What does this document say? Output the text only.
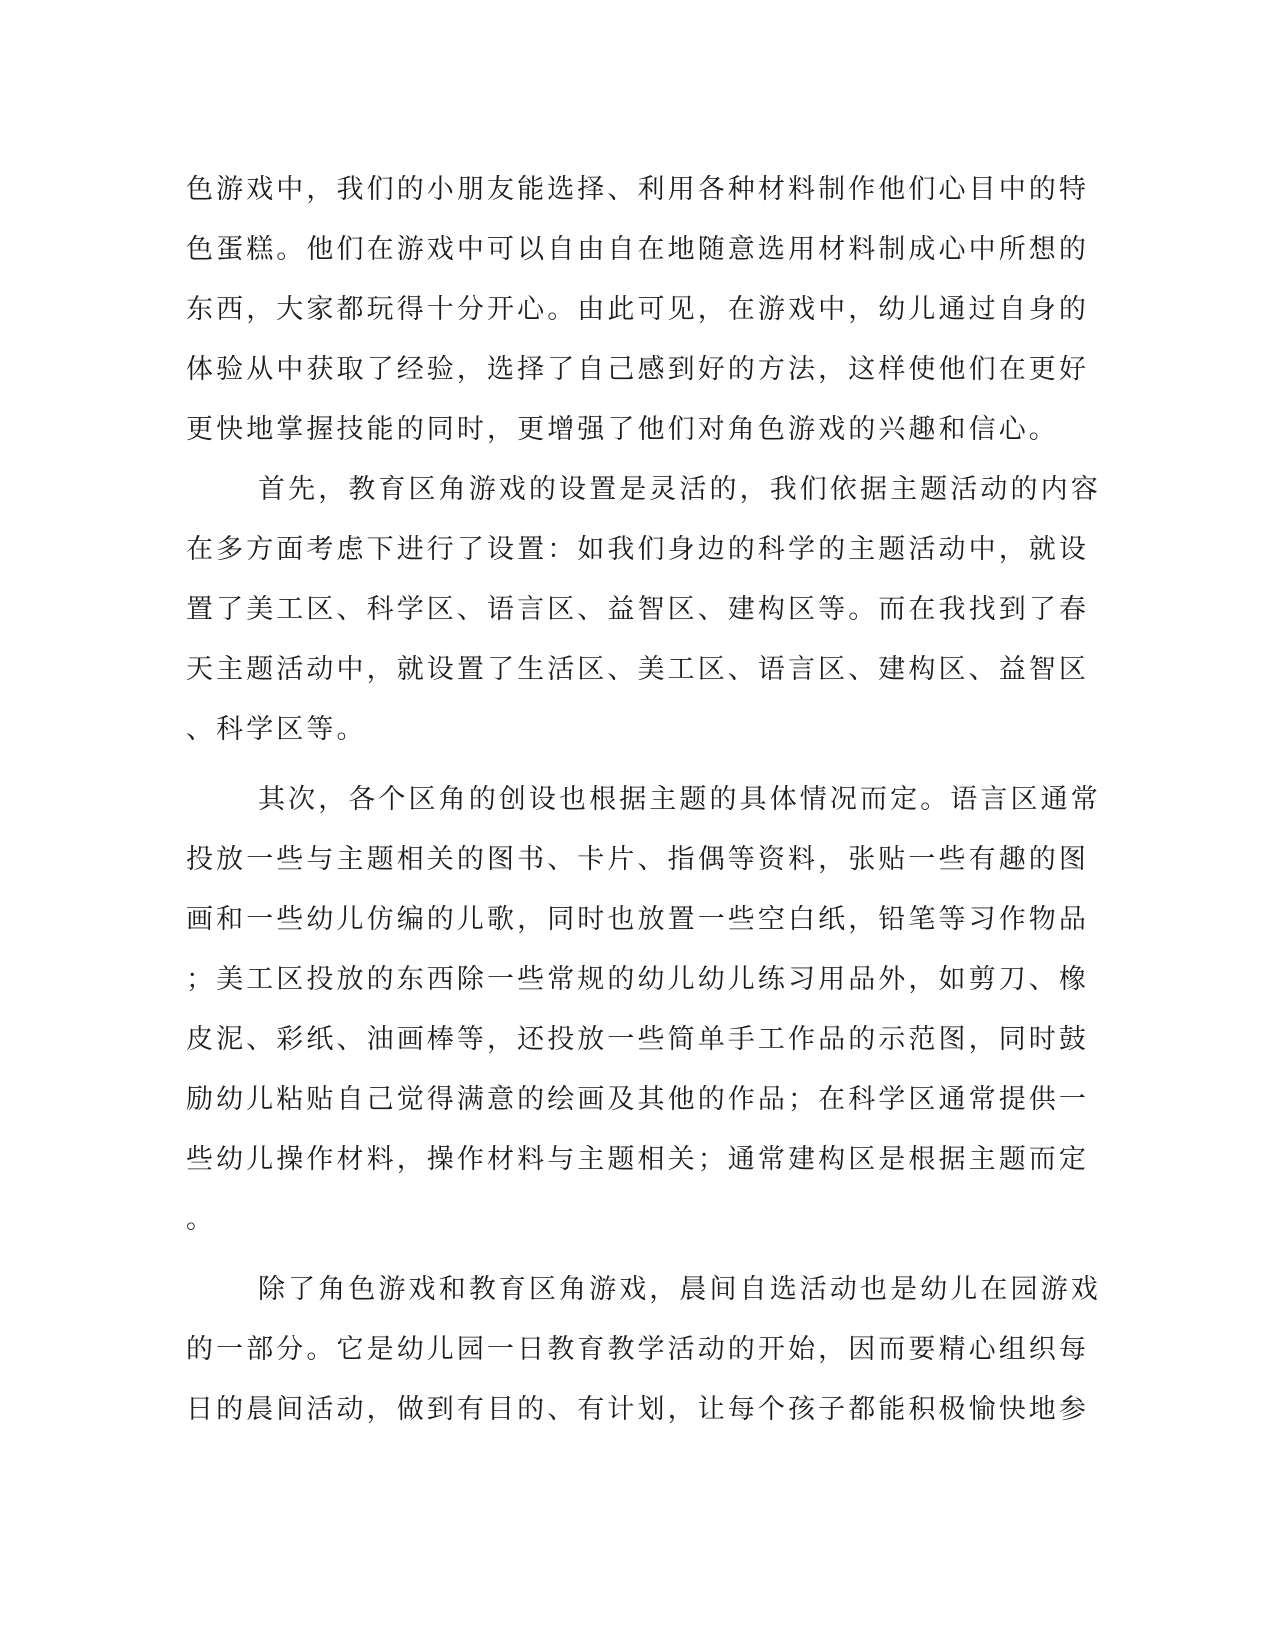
色游戏中，我们的小朋友能选择、利用各种材料制作他们心目中的特
色蛋糕。他们在游戏中可以自由自在地随意选用材料制成心中所想的
东西，大家都玩得十分开心。由此可见，在游戏中，幼儿通过自身的
体验从中获取了经验，选择了自己感到好的方法，这样使他们在更好
更快地掌握技能的同时，更增强了他们对角色游戏的兴趣和信心。
首先，教育区角游戏的设置是灵活的，我们依据主题活动的内容
在多方面考虑下进行了设置：如我们身边的科学的主题活动中，就设
置了美工区、科学区、语言区、益智区、建构区等。而在我找到了春
天主题活动中，就设置了生活区、美工区、语言区、建构区、益智区
、科学区等。
其次，各个区角的创设也根据主题的具体情况而定。语言区通常
投放一些与主题相关的图书、卡片、指偶等资料，张贴一些有趣的图
画和一些幼儿仿编的儿歌，同时也放置一些空白纸，铅笔等习作物品
；美工区投放的东西除一些常规的幼儿幼儿练习用品外，如剪刀、橡
皮泥、彩纸、油画棒等，还投放一些简单手工作品的示范图，同时鼓
励幼儿粘贴自己觉得满意的绘画及其他的作品；在科学区通常提供一
些幼儿操作材料，操作材料与主题相关；通常建构区是根据主题而定
。
除了角色游戏和教育区角游戏，晨间自选活动也是幼儿在园游戏
的一部分。它是幼儿园一日教育教学活动的开始，因而要精心组织每
日的晨间活动，做到有目的、有计划，让每个孩子都能积极愉快地参
